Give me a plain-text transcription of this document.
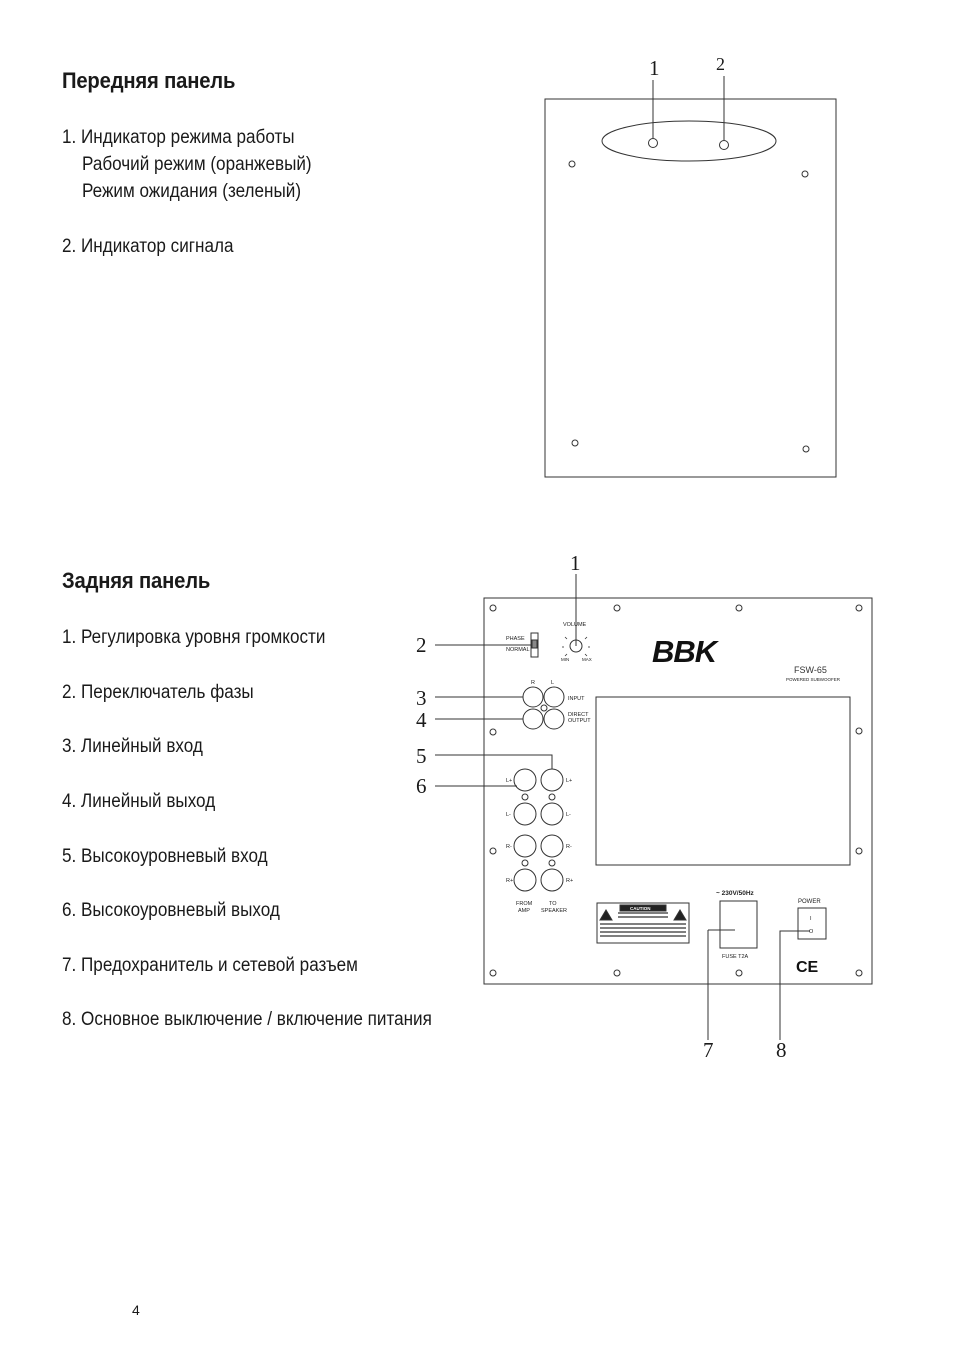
Передняя панель

1. Индикатор режима работы

Рабочий режим (оранжевый)

Режим ожидания (зеленый)

2. Индикатор сигнала

Задняя панель

1. Регулировка уровня громкости

2. Переключатель фазы

3. Линейный вход

4. Линейный выход

5. Высокоуровневый вход

6. Высокоуровневый выход

7. Предохранитель и сетевой разъем

8. Основное выключение / включение питания

4
1	2
VOLUME
MIN	MAX
PHASE
NORMAL	BBK
FSW-65
POWERED SUBWOOFER
R	L
INPUT
DIRECT
OUTPUT
L+	L+
L-	L-
R-	R-
R+	R+
FROM
AMP
TO
SPEAKER	CAUTION
~ 230V/50Hz
FUSE T2A
POWER
I
O
CE
1
2
3
4
5
6
7	8
